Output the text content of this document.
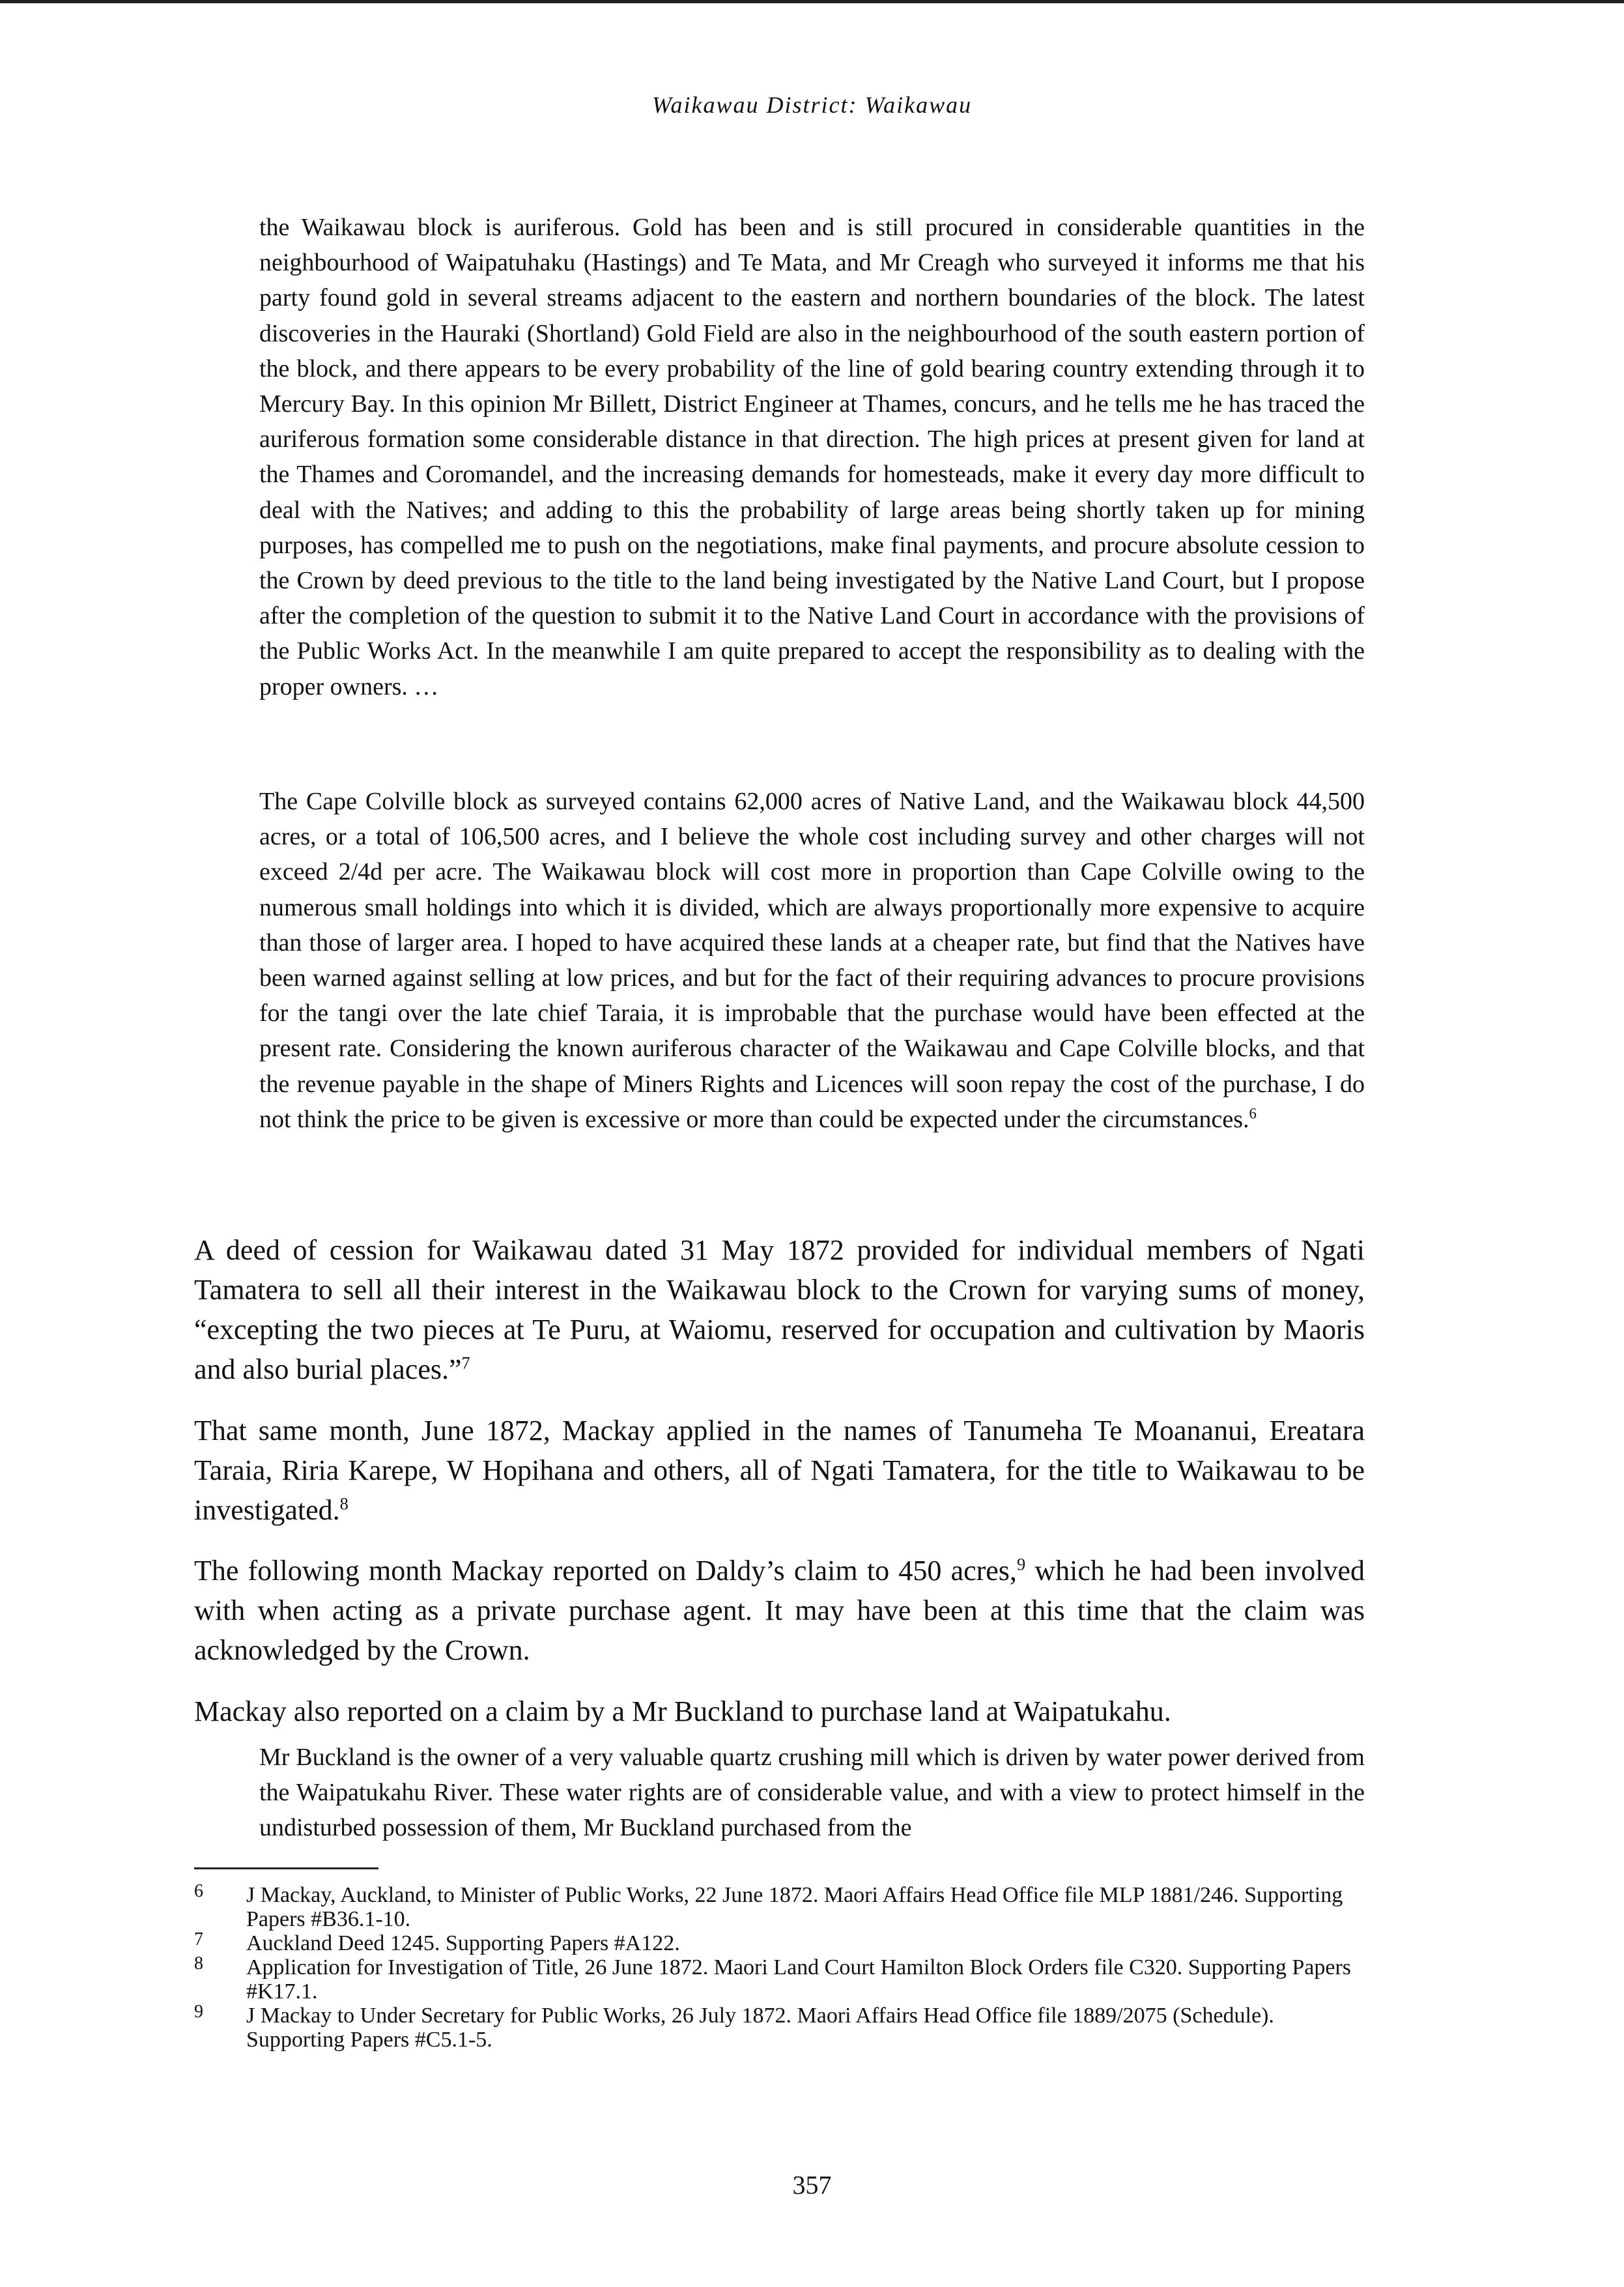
Waikawau District: Waikawau

the Waikawau block is auriferous. Gold has been and is still procured in considerable quantities in the neighbourhood of Waipatuhaku (Hastings) and Te Mata, and Mr Creagh who surveyed it informs me that his party found gold in several streams adjacent to the eastern and northern boundaries of the block. The latest discoveries in the Hauraki (Shortland) Gold Field are also in the neighbourhood of the south eastern portion of the block, and there appears to be every probability of the line of gold bearing country extending through it to Mercury Bay. In this opinion Mr Billett, District Engineer at Thames, concurs, and he tells me he has traced the auriferous formation some considerable distance in that direction. The high prices at present given for land at the Thames and Coromandel, and the increasing demands for homesteads, make it every day more difficult to deal with the Natives; and adding to this the probability of large areas being shortly taken up for mining purposes, has compelled me to push on the negotiations, make final payments, and procure absolute cession to the Crown by deed previous to the title to the land being investigated by the Native Land Court, but I propose after the completion of the question to submit it to the Native Land Court in accordance with the provisions of the Public Works Act. In the meanwhile I am quite prepared to accept the responsibility as to dealing with the proper owners. …

The Cape Colville block as surveyed contains 62,000 acres of Native Land, and the Waikawau block 44,500 acres, or a total of 106,500 acres, and I believe the whole cost including survey and other charges will not exceed 2/4d per acre. The Waikawau block will cost more in proportion than Cape Colville owing to the numerous small holdings into which it is divided, which are always proportionally more expensive to acquire than those of larger area. I hoped to have acquired these lands at a cheaper rate, but find that the Natives have been warned against selling at low prices, and but for the fact of their requiring advances to procure provisions for the tangi over the late chief Taraia, it is improbable that the purchase would have been effected at the present rate. Considering the known auriferous character of the Waikawau and Cape Colville blocks, and that the revenue payable in the shape of Miners Rights and Licences will soon repay the cost of the purchase, I do not think the price to be given is excessive or more than could be expected under the circumstances.$^6$

A deed of cession for Waikawau dated 31 May 1872 provided for individual members of Ngati Tamatera to sell all their interest in the Waikawau block to the Crown for varying sums of money, “excepting the two pieces at Te Puru, at Waiomu, reserved for occupation and cultivation by Maoris and also burial places.”$^7$

That same month, June 1872, Mackay applied in the names of Tanumeha Te Moananui, Ereatara Taraia, Riria Karepe, W Hopihana and others, all of Ngati Tamatera, for the title to Waikawau to be investigated.$^8$

The following month Mackay reported on Daldy’s claim to 450 acres,$^9$ which he had been involved with when acting as a private purchase agent. It may have been at this time that the claim was acknowledged by the Crown.

Mackay also reported on a claim by a Mr Buckland to purchase land at Waipatukahu.

Mr Buckland is the owner of a very valuable quartz crushing mill which is driven by water power derived from the Waipatukahu River. These water rights are of considerable value, and with a view to protect himself in the undisturbed possession of them, Mr Buckland purchased from the

6 J Mackay, Auckland, to Minister of Public Works, 22 June 1872. Maori Affairs Head Office file MLP 1881/246. Supporting Papers #B36.1-10.
7 Auckland Deed 1245. Supporting Papers #A122.
8 Application for Investigation of Title, 26 June 1872. Maori Land Court Hamilton Block Orders file C320. Supporting Papers #K17.1.
9 J Mackay to Under Secretary for Public Works, 26 July 1872. Maori Affairs Head Office file 1889/2075 (Schedule). Supporting Papers #C5.1-5.
357
